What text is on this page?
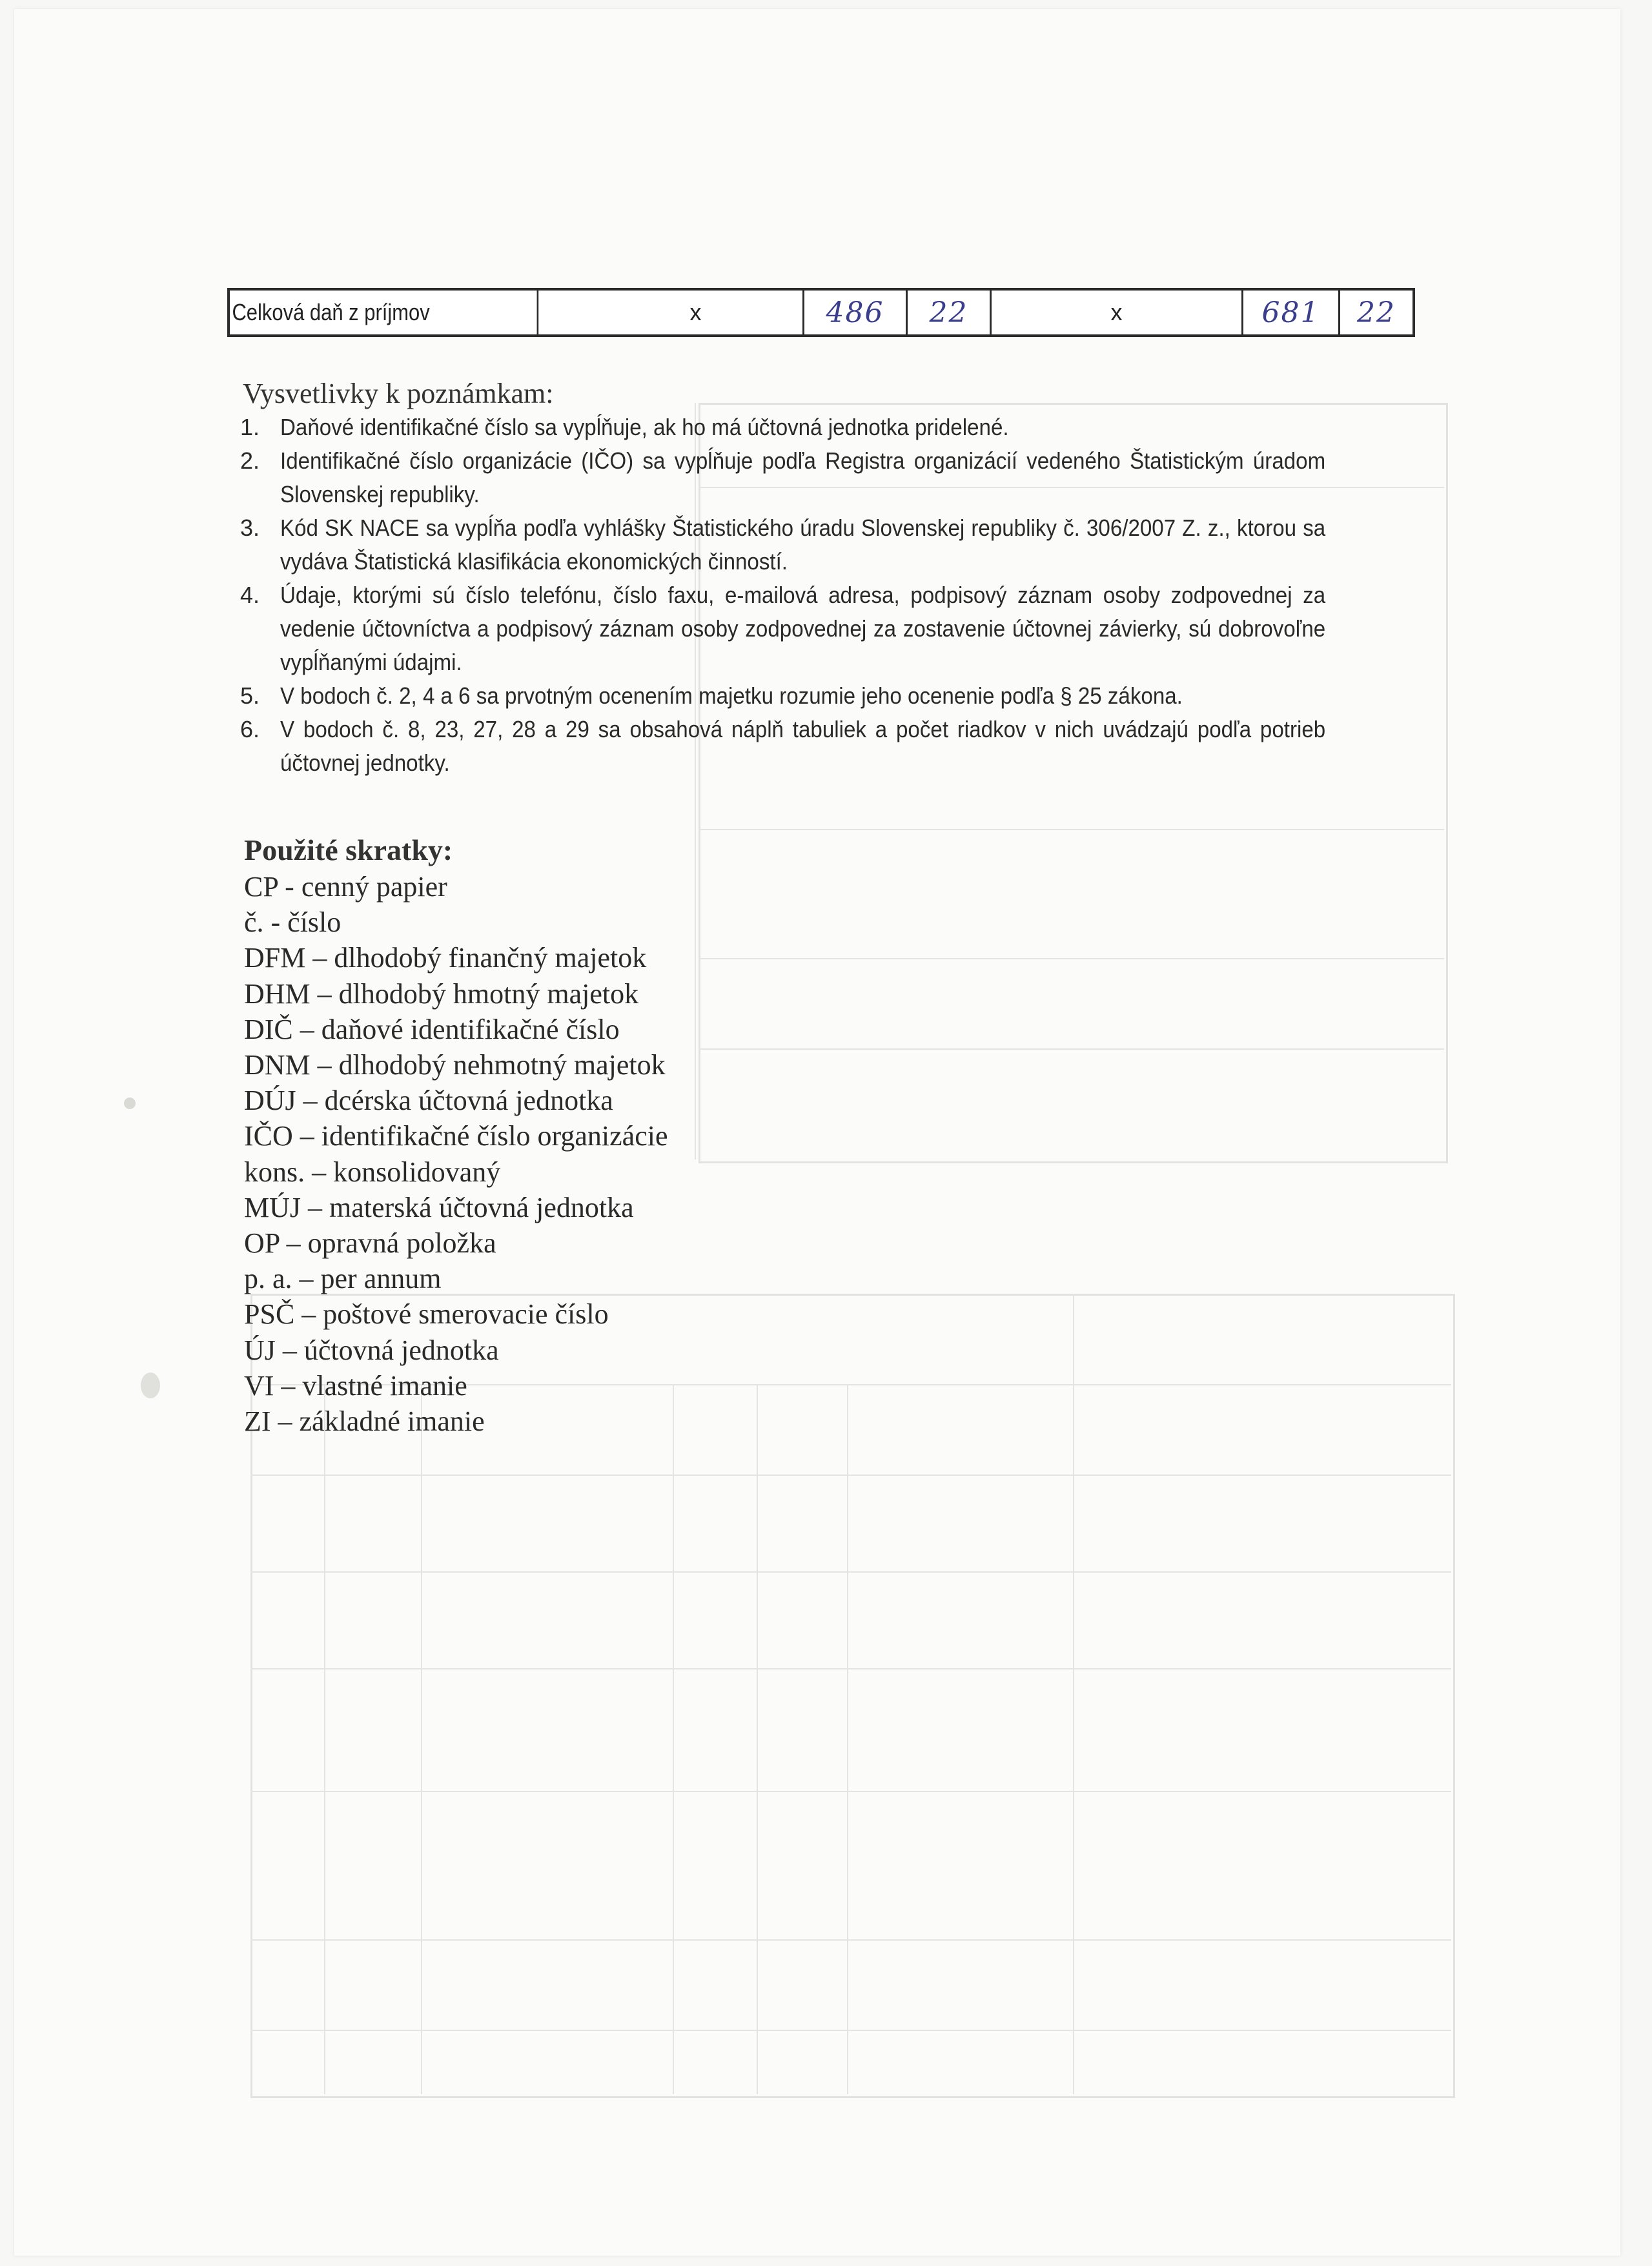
Celková daň z príjmov	x	486 22	x	681 22
Vysvetlivky k poznámkam:
1. Daňové identifikačné číslo sa vypĺňuje, ak ho má účtovná jednotka pridelené.
2. Identifikačné číslo organizácie (IČO) sa vypĺňuje podľa Registra organizácií vedeného Štatistickým úradom Slovenskej republiky.
3. Kód SK NACE sa vypĺňa podľa vyhlášky Štatistického úradu Slovenskej republiky č. 306/2007 Z. z., ktorou sa vydáva Štatistická klasifikácia ekonomických činností.
4. Údaje, ktorými sú číslo telefónu, číslo faxu, e-mailová adresa, podpisový záznam osoby zodpovednej za vedenie účtovníctva a podpisový záznam osoby zodpovednej za zostavenie účtovnej závierky, sú dobrovoľne vypĺňanými údajmi.
5. V bodoch č. 2, 4 a 6 sa prvotným ocenením majetku rozumie jeho ocenenie podľa § 25 zákona.
6. V bodoch č. 8, 23, 27, 28 a 29 sa obsahová náplň tabuliek a počet riadkov v nich uvádzajú podľa potrieb účtovnej jednotky.
Použité skratky:
CP - cenný papier
č. - číslo
DFM – dlhodobý finančný majetok
DHM – dlhodobý hmotný majetok
DIČ – daňové identifikačné číslo
DNM – dlhodobý nehmotný majetok
DÚJ – dcérska účtovná jednotka
IČO – identifikačné číslo organizácie
kons. – konsolidovaný
MÚJ – materská účtovná jednotka
OP – opravná položka
p. a. – per annum
PSČ – poštové smerovacie číslo
ÚJ – účtovná jednotka
VI – vlastné imanie
ZI – základné imanie
